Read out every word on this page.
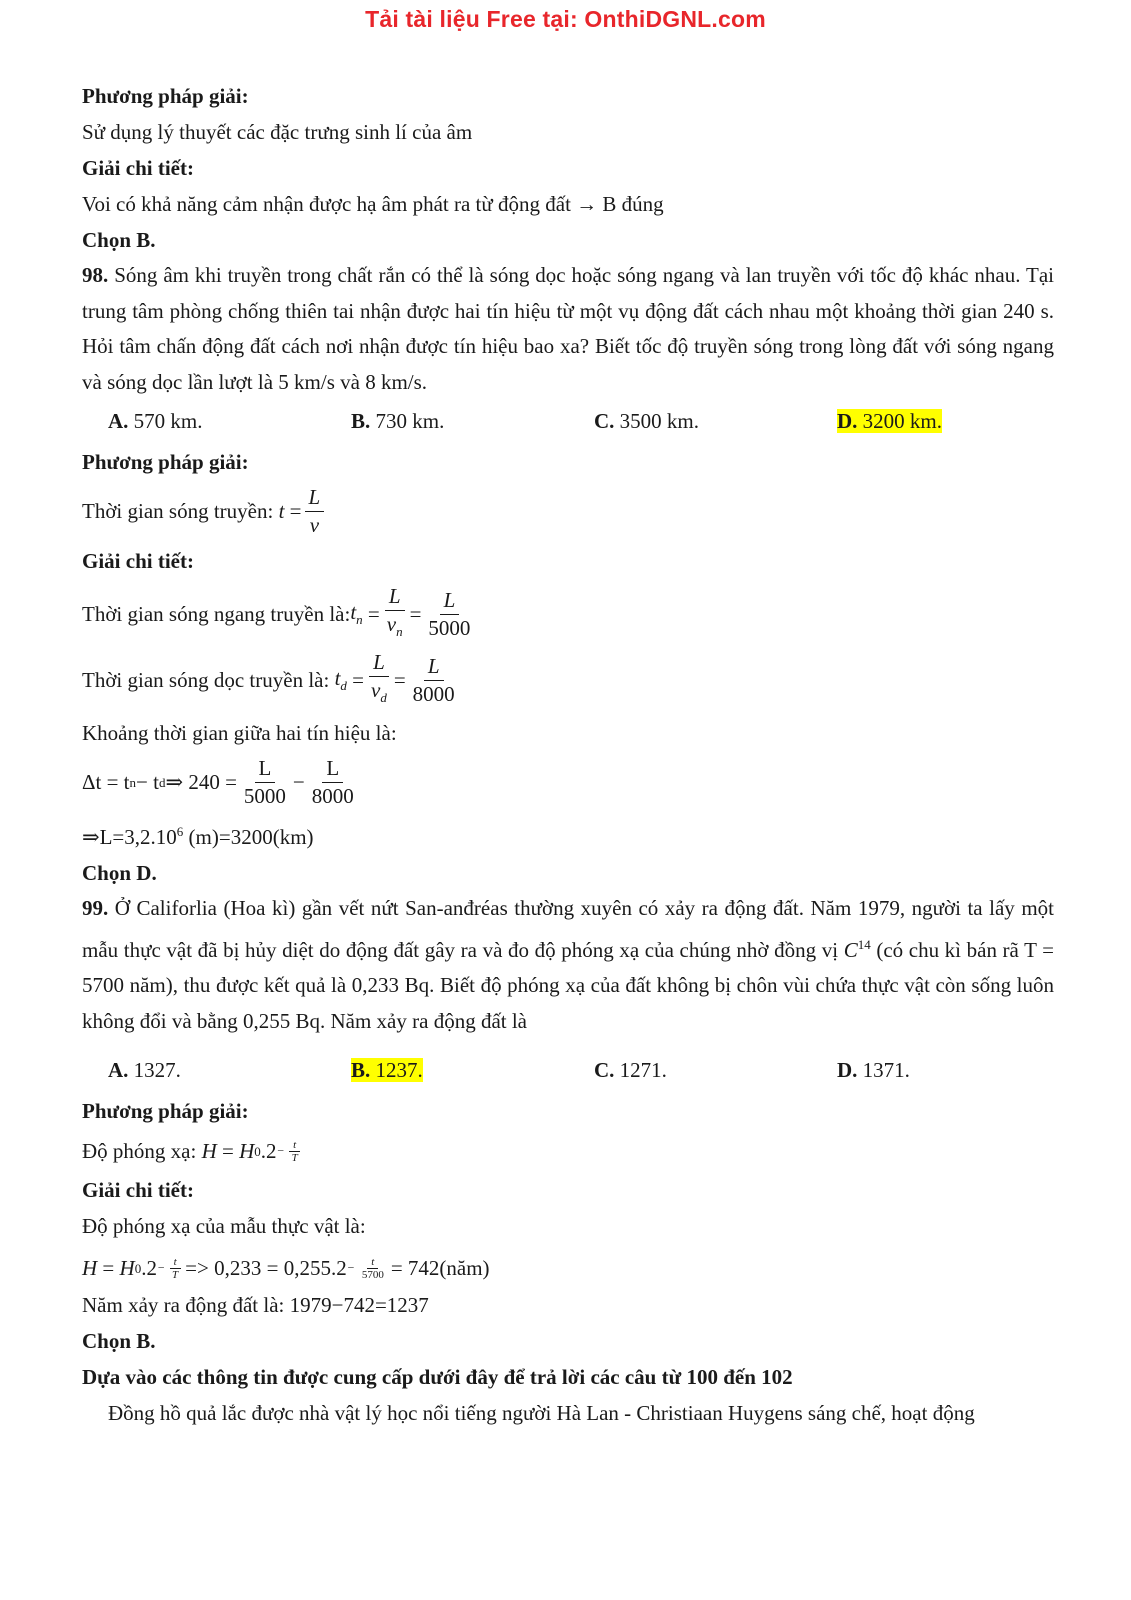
Tải tài liệu Free tại: OnthiDGNL.com

Phương pháp giải:

Sử dụng lý thuyết các đặc trưng sinh lí của âm

Giải chi tiết:

Voi có khả năng cảm nhận được hạ âm phát ra từ động đất → B đúng

Chọn B.

98. Sóng âm khi truyền trong chất rắn có thể là sóng dọc hoặc sóng ngang và lan truyền với tốc độ khác nhau. Tại trung tâm phòng chống thiên tai nhận được hai tín hiệu từ một vụ động đất cách nhau một khoảng thời gian 240 s. Hỏi tâm chấn động đất cách nơi nhận được tín hiệu bao xa? Biết tốc độ truyền sóng trong lòng đất với sóng ngang và sóng dọc lần lượt là 5 km/s và 8 km/s.

A. 570 km.	B. 730 km.	C. 3500 km.	D. 3200 km.

Phương pháp giải:

Thời gian sóng truyền:
t
= $\frac{L}{v}$

Giải chi tiết:

Thời gian sóng ngang truyền là: $t_n$
= $\frac{L}{v_n} = \frac{L}{5000}$
Thời gian sóng dọc truyền là:
$t_d$
= $\frac{L}{v_d} = \frac{L}{8000}$

Khoảng thời gian giữa hai tín hiệu là:

Δt = t n − t d ⇒ $240 = \frac{L}{5000} - \frac{L}{8000}$

$\Rightarrow L=3,2.10^6$ (m)=3200(km)

Chọn D.

99. Ở Califorlia (Hoa kì) gần vết nứt San-anđréas thường xuyên có xảy ra động đất. Năm 1979, người ta lấy một mẫu thực vật đã bị hủy diệt do động đất gây ra và đo độ phóng xạ của chúng nhờ đồng vị $C^{14}$ (có chu kì bán rã T = 5700 năm), thu được kết quả là 0,233 Bq. Biết độ phóng xạ của đất không bị chôn vùi chứa thực vật còn sống luôn không đổi và bằng 0,255 Bq. Năm xảy ra động đất là

A. 1327.	B. 1237.	C. 1271.	D. 1371.

Phương pháp giải:

Độ phóng xạ:
H
=
H 0 $.2 - \frac{t}{T}$

Giải chi tiết:

Độ phóng xạ của mẫu thực vật là:

H
=
H 0 $.2 - \frac{t}{T} => 0,233 = 0,255.2 - \frac{t}{5700} = 742$ (năm)

Năm xảy ra động đất là: 1979−742=1237

Chọn B.

Dựa vào các thông tin được cung cấp dưới đây để trả lời các câu từ 100 đến 102

Đồng hồ quả lắc được nhà vật lý học nổi tiếng người Hà Lan - Christiaan Huygens sáng chế, hoạt động
